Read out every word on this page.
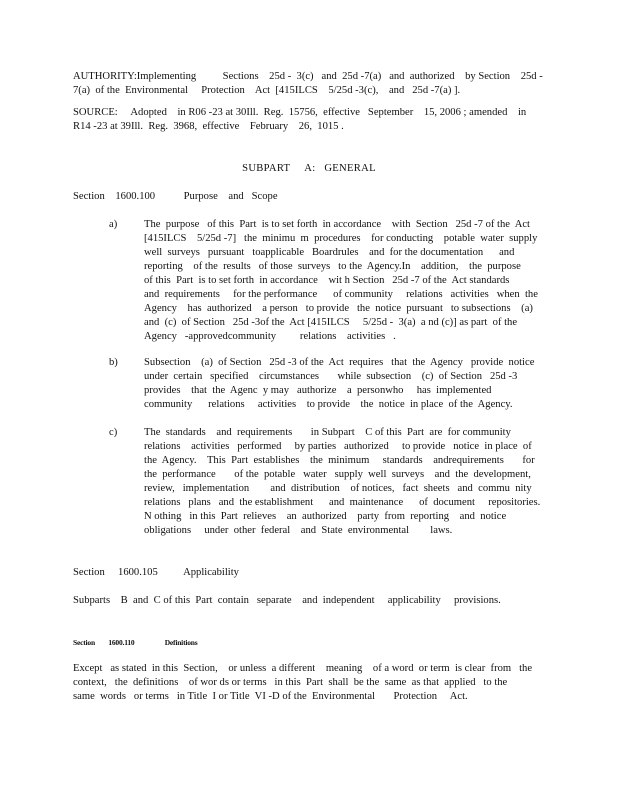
AUTHORITY:Implementing          Sections    25d -  3(c)   and  25d -7(a)   and  authorized    by Section    25d -
7(a)  of the  Environmental     Protection    Act  [415ILCS    5/25d -3(c),    and   25d -7(a) ].
SOURCE:     Adopted    in R06 -23 at 30Ill.  Reg.  15756,  effective   September    15, 2006 ; amended    in
R14 -23 at 39Ill.  Reg.  3968,  effective    February    26,  1015 .
SUBPART     A:   GENERAL
Section    1600.100	Purpose    and   Scope
a)	The  purpose   of this  Part  is to set forth  in accordance    with  Section   25d -7 of the  Act
[415ILCS    5/25d -7]   the  minimu  m  procedures    for conducting    potable  water  supply
well  surveys   pursuant   toapplicable   Boardrules    and  for the documentation      and
reporting    of the  results   of those  surveys   to the  Agency.In    addition,    the  purpose
of this  Part  is to set forth  in accordance    wit h Section   25d -7 of the  Act standards
and  requirements     for the performance      of community     relations   activities   when  the
Agency    has  authorized    a person   to provide   the  notice  pursuant   to subsections    (a)
and  (c)  of Section   25d -3of the  Act [415ILCS     5/25d -  3(a)  a nd (c)] as part  of the
Agency   -approvedcommunity         relations    activities   .
b) Subsection    (a)  of Section   25d -3 of the  Act  requires   that  the  Agency   provide  notice
under  certain   specified    circumstances       while  subsection    (c)  of Section   25d -3
provides    that  the  Agenc  y may   authorize    a  personwho     has  implemented
community      relations     activities    to provide    the  notice  in place  of the  Agency.
c)	The  standards    and  requirements       in Subpart    C of this  Part  are  for community
relations    activities   performed     by parties   authorized     to provide   notice  in place  of
the  Agency.    This  Part  establishes    the  minimum     standards    andrequirements       for
the  performance       of the  potable   water   supply  well  surveys    and  the  development,
review,   implementation        and  distribution    of notices,   fact  sheets   and  commu  nity
relations   plans   and  the establishment      and  maintenance      of  document     repositories.
N othing   in this  Part  relieves    an  authorized    party  from  reporting    and  notice
obligations     under  other  federal    and  State  environmental        laws.
Section     1600.105 Applicability
Subparts    B  and  C of this  Part  contain   separate    and  independent     applicability     provisions.
Section        1600.110	Definitions
Except   as stated  in this  Section,    or unless  a different    meaning    of a word  or term  is clear  from   the
context,   the  definitions    of wor ds or terms   in this  Part  shall  be the  same  as that  applied   to the
same  words   or terms   in Title  I or Title  VI -D of the  Environmental       Protection     Act.
